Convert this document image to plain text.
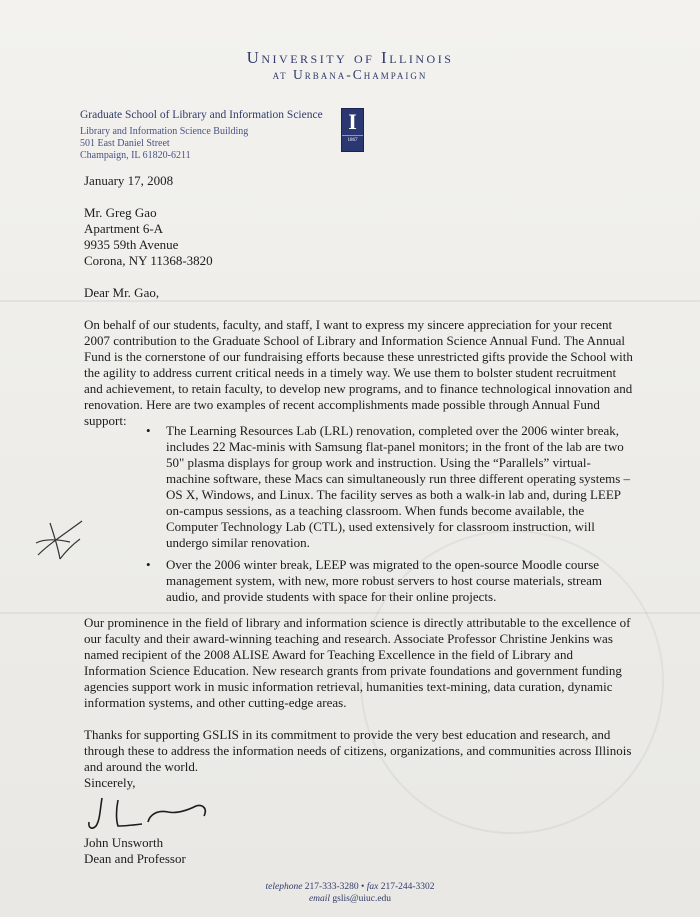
University of Illinois
at Urbana-Champaign
Graduate School of Library and Information Science
Library and Information Science Building
501 East Daniel Street
Champaign, IL 61820-6211
I
1867
January 17, 2008
Mr. Greg Gao
Apartment 6-A
9935 59th Avenue
Corona, NY 11368-3820
Dear Mr. Gao,
On behalf of our students, faculty, and staff, I want to express my sincere appreciation for your recent
2007 contribution to the Graduate School of Library and Information Science Annual Fund. The Annual
Fund is the cornerstone of our fundraising efforts because these unrestricted gifts provide the School with
the agility to address current critical needs in a timely way. We use them to bolster student recruitment
and achievement, to retain faculty, to develop new programs, and to finance technological innovation and
renovation. Here are two examples of recent accomplishments made possible through Annual Fund
support:
• The Learning Resources Lab (LRL) renovation, completed over the 2006 winter break,
includes 22 Mac-minis with Samsung flat-panel monitors; in the front of the lab are two
50" plasma displays for group work and instruction. Using the “Parallels” virtual-
machine software, these Macs can simultaneously run three different operating systems –
OS X, Windows, and Linux. The facility serves as both a walk-in lab and, during LEEP
on-campus sessions, as a teaching classroom. When funds become available, the
Computer Technology Lab (CTL), used extensively for classroom instruction, will
undergo similar renovation.
• Over the 2006 winter break, LEEP was migrated to the open-source Moodle course
management system, with new, more robust servers to host course materials, stream
audio, and provide students with space for their online projects.
Our prominence in the field of library and information science is directly attributable to the excellence of
our faculty and their award-winning teaching and research. Associate Professor Christine Jenkins was
named recipient of the 2008 ALISE Award for Teaching Excellence in the field of Library and
Information Science Education. New research grants from private foundations and government funding
agencies support work in music information retrieval, humanities text-mining, data curation, dynamic
information systems, and other cutting-edge areas.
Thanks for supporting GSLIS in its commitment to provide the very best education and research, and
through these to address the information needs of citizens, organizations, and communities across Illinois
and around the world.
Sincerely,
John Unsworth
Dean and Professor
telephone 217-333-3280 • fax 217-244-3302
email gslis@uiuc.edu
